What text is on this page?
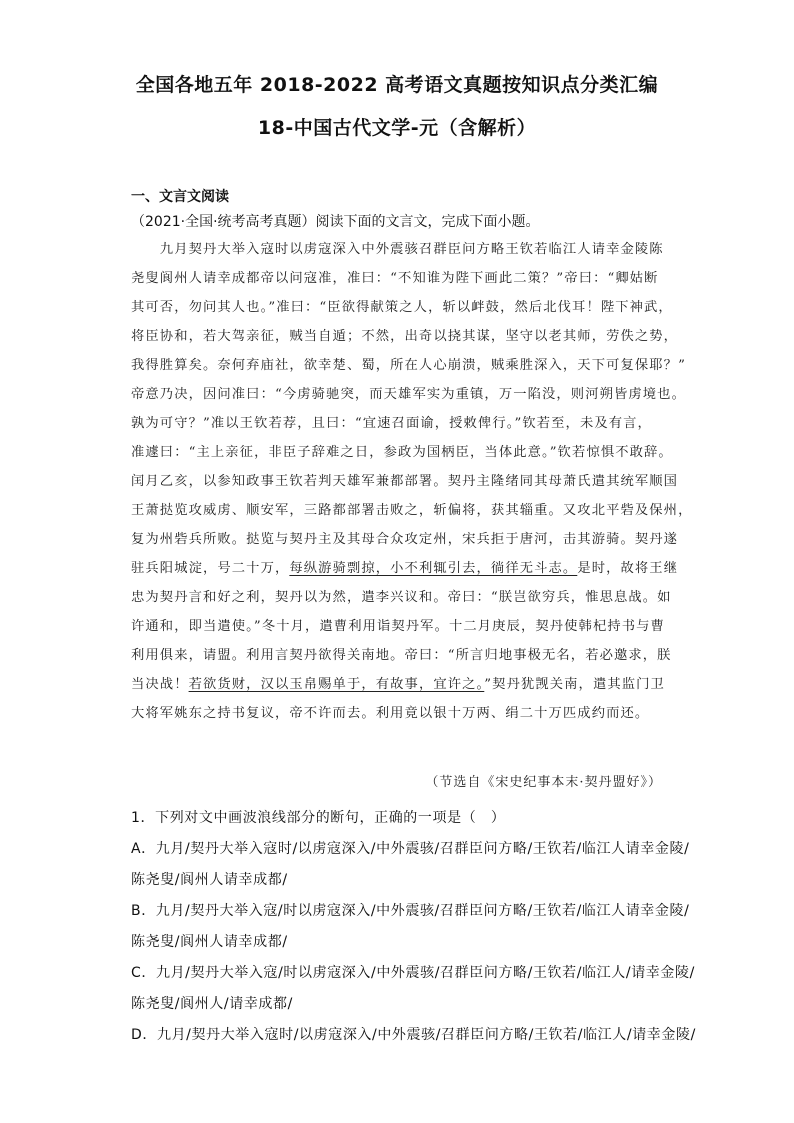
全国各地五年 2018-2022 高考语文真题按知识点分类汇编
18-中国古代文学-元（含解析）
一、文言文阅读
（2021·全国·统考高考真题）阅读下面的文言文，完成下面小题。
　　九月契丹大举入寇时以虏寇深入中外震骇召群臣问方略王钦若临江人请幸金陵陈
尧叟阆州人请幸成都帝以问寇准，准曰：“不知谁为陛下画此二策？”帝曰：“卿姑断
其可否，勿问其人也。”准曰：“臣欲得献策之人，斩以衅鼓，然后北伐耳！陛下神武，
将臣协和，若大驾亲征，贼当自遁；不然，出奇以挠其谋，坚守以老其师，劳佚之势，
我得胜算矣。奈何弃庙社，欲幸楚、蜀，所在人心崩溃，贼乘胜深入，天下可复保耶？”
帝意乃决，因问准曰：“今虏骑驰突，而天雄军实为重镇，万一陷没，则河朔皆虏境也。
孰为可守？”准以王钦若荐，且曰：“宜速召面谕，授敕俾行。”钦若至，未及有言，
准遽曰：“主上亲征，非臣子辞难之日，参政为国柄臣，当体此意。”钦若惊惧不敢辞。
闰月乙亥，以参知政事王钦若判天雄军兼都部署。契丹主隆绪同其母萧氏遣其统军顺国
王萧挞览攻威虏、顺安军，三路都部署击败之，斩偏将，获其辎重。又攻北平砦及保州，
复为州砦兵所败。挞览与契丹主及其母合众攻定州，宋兵拒于唐河，击其游骑。契丹遂
驻兵阳城淀，号二十万，每纵游骑剽掠，小不利辄引去，徜徉无斗志。是时，故将王继
忠为契丹言和好之利，契丹以为然，遣李兴议和。帝曰：“朕岂欲穷兵，惟思息战。如
许通和，即当遣使。”冬十月，遣曹利用诣契丹军。十二月庚辰，契丹使韩杞持书与曹
利用俱来，请盟。利用言契丹欲得关南地。帝曰：“所言归地事极无名，若必邀求，朕
当决战！若欲货财，汉以玉帛赐单于，有故事，宜许之。”契丹犹觊关南，遣其监门卫
大将军姚东之持书复议，帝不许而去。利用竟以银十万两、绢二十万匹成约而还。
（节选自《宋史纪事本末·契丹盟好》）
1．下列对文中画波浪线部分的断句，正确的一项是（　）
A．九月/契丹大举入寇时/以虏寇深入/中外震骇/召群臣问方略/王钦若/临江人请幸金陵/
陈尧叟/阆州人请幸成都/
B．九月/契丹大举入寇/时以虏寇深入/中外震骇/召群臣问方略/王钦若/临江人请幸金陵/
陈尧叟/阆州人请幸成都/
C．九月/契丹大举入寇/时以虏寇深入/中外震骇/召群臣问方略/王钦若/临江人/请幸金陵/
陈尧叟/阆州人/请幸成都/
D．九月/契丹大举入寇时/以虏寇深入/中外震骇/召群臣问方略/王钦若/临江人/请幸金陵/
